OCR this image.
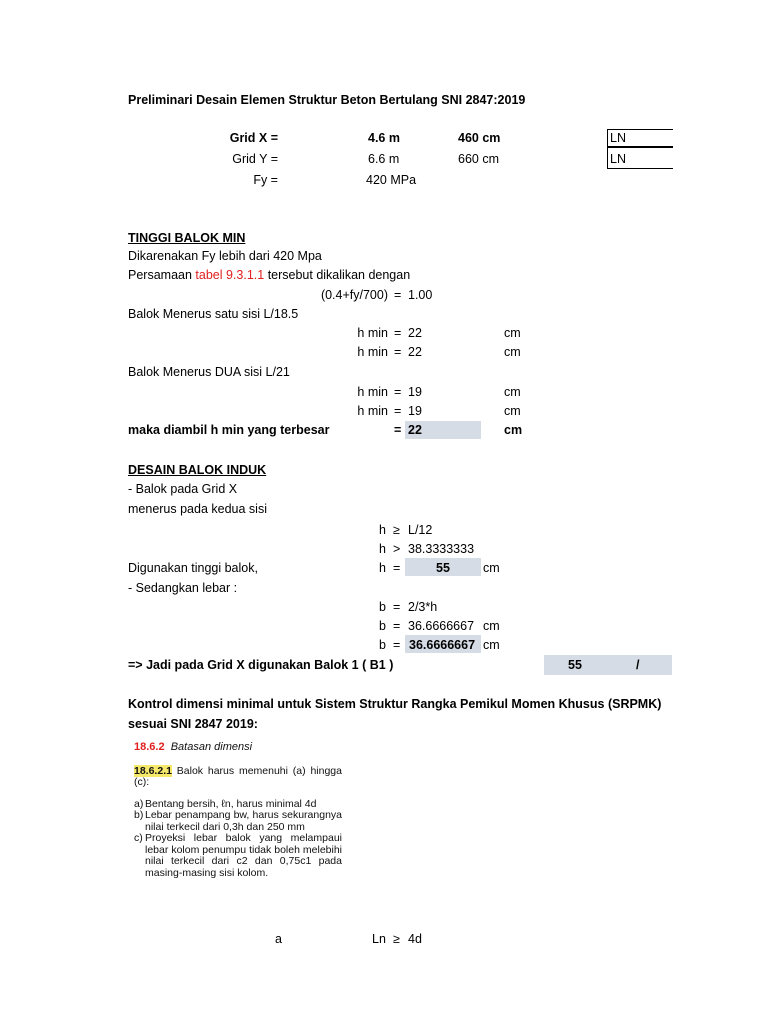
Preliminari Desain Elemen Struktur Beton Bertulang SNI 2847:2019
Grid X =	4.6 m	460 cm	LN
Grid Y =	6.6 m	660 cm	LN
Fy =	420 MPa
TINGGI BALOK MIN
Dikarenakan Fy lebih dari 420 Mpa
Persamaan tabel 9.3.1.1 tersebut dikalikan dengan
(0.4+fy/700) = 1.00
Balok Menerus satu sisi L/18.5
h min = 22	cm
h min = 22	cm
Balok Menerus DUA sisi L/21
h min = 19	cm
h min = 19	cm
maka diambil h min yang terbesar	= 22	cm
DESAIN BALOK INDUK
- Balok pada Grid X
menerus pada kedua sisi
h ≥ L/12
h > 38.3333333
Digunakan tinggi balok,	h =	55	cm
- Sedangkan lebar :
b = 2/3*h
b = 36.6666667 cm
b = 36.6666667 cm
=> Jadi pada Grid X digunakan Balok 1 ( B1 )	55	/
Kontrol dimensi minimal untuk Sistem Struktur Rangka Pemikul Momen Khusus (SRPMK)
sesuai SNI 2847 2019:
18.6.2 Batasan dimensi
18.6.2.1 Balok harus memenuhi (a) hingga (c):
a) Bentang bersih, ℓn, harus minimal 4d
b) Lebar penampang bw, harus sekurangnya nilai terkecil dari 0,3h dan 250 mm
c) Proyeksi lebar balok yang melampaui lebar kolom penumpu tidak boleh melebihi nilai terkecil dari c2 dan 0,75c1 pada masing-masing sisi kolom.
a	Ln ≥ 4d
